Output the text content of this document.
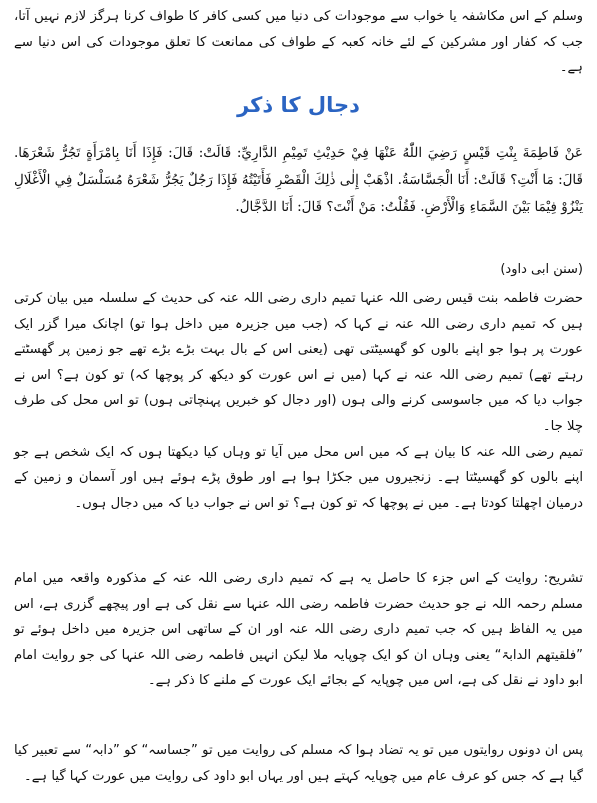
وسلم کے اس مکاشفہ یا خواب سے موجودات کی دنیا میں کسی کافر کا طواف کرنا ہرگز لازم نہیں آتا، جب کہ کفار اور مشرکین کے لئے خانہ کعبہ کے طواف کی ممانعت کا تعلق موجودات کی اس دنیا سے ہے۔

دجال کا ذکر

عَنْ فَاطِمَةَ بِنْتِ قَيْسٍ رَضِيَ اللّٰهُ عَنْهَا فِيْ حَدِيْثِ تَمِيْمِ الدَّارِيِّ: قَالَتْ: قَالَ: فَإِذَا أَنَا بِامْرَأَةٍ تَجُرُّ شَعْرَهَا. قَالَ: مَا أَنْتِ؟ قَالَتْ: أَنَا الْجَسَّاسَةُ. اذْهَبْ إِلٰى ذٰلِكَ الْقَصْرِ فَأَتَيْتُهُ فَإِذَا رَجُلٌ يَجُرُّ شَعْرَهُ مُسَلْسَلٌ فِي الْأَغْلَالِ يَنْزُوْ فِيْمَا بَيْنَ السَّمَاءِ وَالْأَرْضِ. فَقُلْتُ: مَنْ أَنْتَ؟ قَالَ: أَنَا الدَّجَّالُ.

(سنن ابی داود)

حضرت فاطمہ بنت قیس رضی اللہ عنہا تمیم داری رضی اللہ عنہ کی حدیث کے سلسلہ میں بیان کرتی ہیں کہ تمیم داری رضی اللہ عنہ نے کہا کہ (جب میں جزیرہ میں داخل ہوا تو) اچانک میرا گزر ایک عورت پر ہوا جو اپنے بالوں کو گھسیٹتی تھی (یعنی اس کے بال بہت بڑے بڑے تھے جو زمین پر گھسٹتے رہتے تھے) تمیم رضی اللہ عنہ نے کہا (میں نے اس عورت کو دیکھ کر پوچھا کہ) تو کون ہے؟ اس نے جواب دیا کہ میں جاسوسی کرنے والی ہوں (اور دجال کو خبریں پہنچاتی ہوں) تو اس محل کی طرف چلا جا۔

تمیم رضی اللہ عنہ کا بیان ہے کہ میں اس محل میں آیا تو وہاں کیا دیکھتا ہوں کہ ایک شخص ہے جو اپنے بالوں کو گھسیٹتا ہے۔ زنجیروں میں جکڑا ہوا ہے اور طوق پڑے ہوئے ہیں اور آسمان و زمین کے درمیان اچھلتا کودتا ہے۔ میں نے پوچھا کہ تو کون ہے؟ تو اس نے جواب دیا کہ میں دجال ہوں۔

تشریح: روایت کے اس جزء کا حاصل یہ ہے کہ تمیم داری رضی اللہ عنہ کے مذکورہ واقعہ میں امام مسلم رحمہ اللہ نے جو حدیث حضرت فاطمہ رضی اللہ عنہا سے نقل کی ہے اور پیچھے گزری ہے، اس میں یہ الفاظ ہیں کہ جب تمیم داری رضی اللہ عنہ اور ان کے ساتھی اس جزیرہ میں داخل ہوئے تو ”فلقیتھم الدابۃ“ یعنی وہاں ان کو ایک چوپایہ ملا لیکن انہیں فاطمہ رضی اللہ عنہا کی جو روایت امام ابو داود نے نقل کی ہے، اس میں چوپایہ کے بجائے ایک عورت کے ملنے کا ذکر ہے۔

پس ان دونوں روایتوں میں تو یہ تضاد ہوا کہ مسلم کی روایت میں تو ”جساسہ“ کو ”دابہ“ سے تعبیر کیا گیا ہے کہ جس کو عرف عام میں چوپایہ کہتے ہیں اور یہاں ابو داود کی روایت میں عورت کہا گیا ہے۔
